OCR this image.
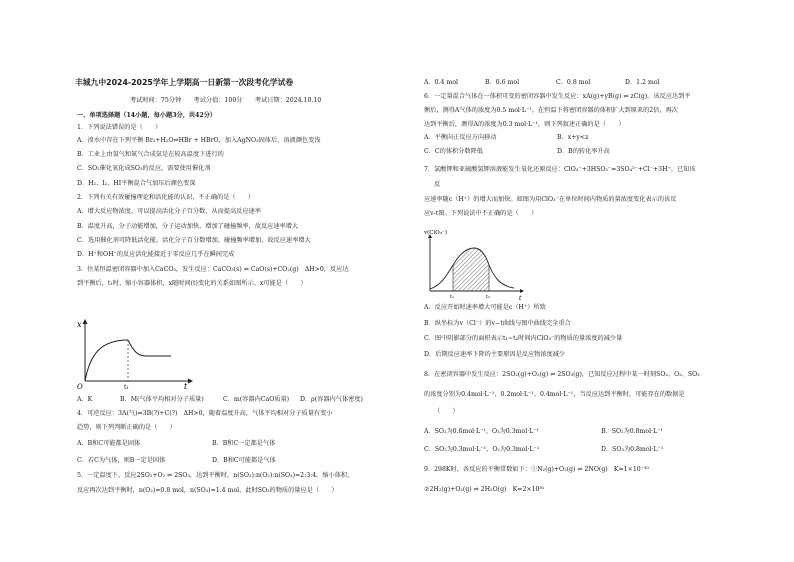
丰城九中2024-2025学年上学期高一日新第一次段考化学试卷
考试时间：75分钟　　考试分值：100分　　考试日期：2024.10.10
一、单项选择题（14小题，每小题3分，共42分）
1．下列说法错误的是（　　）
A．溴水中存在下列平衡 Br₂+H₂O⇌HBr + HBrO，加入AgNO₃固体后，溶液颜色变浅
B．工业上由氢气和氮气合成氨是在较高温度下进行的
C．SO₂催化氧化成SO₃的反应，需要使用催化剂
D．H₂、I₂、HI平衡混合气加压后颜色变深
2．下列有关有效碰撞理论和活化能的认识，不正确的是（　　）
A．增大反应物浓度，可以提高活化分子百分数，从而提高反应速率
B．温度升高，分子动能增加，分子运动加快，增加了碰撞频率，故反应速率增大
C．选用催化剂可降低活化能，活化分子百分数增加，碰撞频率增加，故反应速率增大
D．H⁺和OH⁻的反应活化能接近于零反应几乎在瞬间完成
3．往某恒温密闭容器中加入CaCO₃，发生反应：CaCO₃(s) ⇌ CaO(s)+CO₂(g)　ΔH>0，反应达
到平衡后，t₁时，缩小容器体积，x随时间(t)变化的关系如图所示。x可能是（　　）
x
t
O	t₁
A．K	B．M(气体平均相对分子质量)	C．m(容器内CaO质量) D．ρ(容器内气体密度)
4．可逆反应：3A(气)⇌3B(?)+C(?)　ΔH>0，随着温度升高，气体平均相对分子质量有变小
趋势，则下列判断正确的是（　　）
A．B和C可能都是固体	B．B和C一定都是气体
C．若C为气体，则B一定是固体	D．B和C可能都是气体
5．一定温度下，反应2SO₂+O₂ ⇌ 2SO₃，达到平衡时，n(SO₂):n(O₂):n(SO₃)=2:3:4。缩小体积，
反应再次达到平衡时，n(O₂)=0.8 mol，n(SO₃)=1.4 mol，此时SO₂的物质的量应是（　　）
A．0.4 mol	B．0.6 mol	C．0.8 mol	D．1.2 mol
6．一定量混合气体在一体积可变的密闭容器中发生反应：xA(g)+yB(g) ⇌ zC(g)。该反应达到平
衡后，测得A气体的浓度为0.5 mol·L⁻¹。在恒温下将密闭容器的体积扩大到原来的2倍，再次
达到平衡后，测得A的浓度为0.3 mol·L⁻¹，则下列叙述正确的是（　　）
A．平衡向正反应方向移动	B．x+y<z
C．C的体积分数降低	D．B的转化率升高
7．氯酸钾和亚硫酸氢钾溶液能发生氧化还原反应：ClO₃⁻+3HSO₃⁻=3SO₄²⁻+Cl⁻+3H⁺。已知该
反
应速率随c（H⁺）的增大而加快。如图为用ClO₃⁻在单位时间内物质的量浓度变化表示的该反
应v-t图。下列说法中不正确的是（　　）
v(ClO₃⁻)
t
t₁	t₂
A．反应开始时速率增大可能是c（H⁺）所致
B．纵坐标为v（Cl⁻）的v−t曲线与图中曲线完全重合
C．图中阴影部分的面积表示t₁~t₂时间内ClO₃⁻的物质的量浓度的减少量
D．后期反应速率下降的主要原因是反应物浓度减少
8．在密闭容器中发生反应：2SO₂(g)+O₂(g) ⇌ 2SO₃(g)，已知反应过程中某一时刻SO₂、O₂、SO₃
的浓度分别为0.4mol·L⁻¹、0.2mol·L⁻¹、0.4mol·L⁻¹，当反应达到平衡时，可能存在的数据是
（　　）
A．SO₂为0.6mol·L⁻¹，O₂为0.3mol·L⁻¹	B．SO₂为0.8mol·L⁻¹
C．SO₂为0.3mol·L⁻¹，O₂为0.3mol·L⁻¹	D．SO₃为0.8mol·L⁻¹
9．298K时，各反应的平衡常数如下：①N₂(g)+O₂(g) ⇌ 2NO(g)　K=1×10⁻³⁰
②2H₂(g)+O₂(g) ⇌ 2H₂O(g)　K=2×10⁸¹
